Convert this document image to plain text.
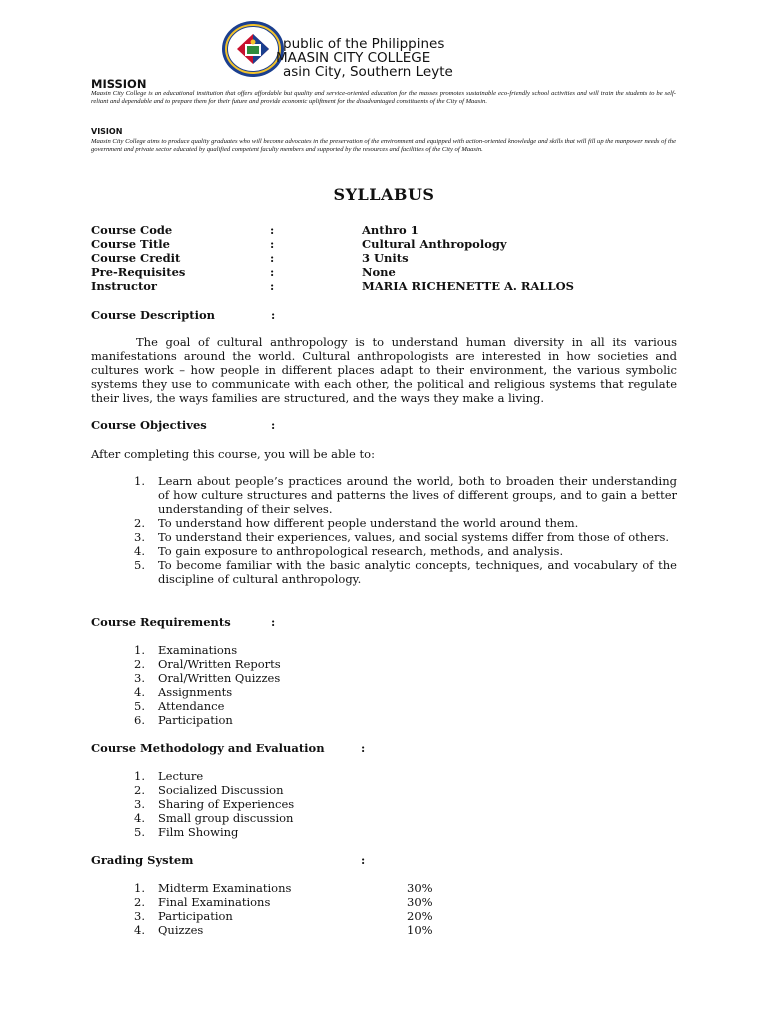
public of the Philippines
MAASIN CITY COLLEGE
asin City, Southern Leyte
MISSION
Maasin City College is an educational institution that offers affordable but quality and service-oriented education for the masses promotes sustainable eco-friendly school activities and will train the students to be self-reliant and dependable and to prepare them for their future and provide economic upliftment for the disadvantaged constituents of the City of Maasin.
VISION
Maasin City College aims to produce quality graduates who will become advocates in the preservation of the environment and equipped with action-oriented knowledge and skills that will fill up the manpower needs of the government and private sector educated by qualified competent faculty members and supported by the resources and facilities of the City of Maasin.
SYLLABUS
Course Code	:	Anthro 1
Course Title	:	Cultural Anthropology
Course Credit	:	3 Units
Pre-Requisites	:	None
Instructor	:	MARIA RICHENETTE A. RALLOS
Course Description	:
The goal of cultural anthropology is to understand human diversity in all its various manifestations around the world. Cultural anthropologists are interested in how societies and cultures work – how people in different places adapt to their environment, the various symbolic systems they use to communicate with each other, the political and religious systems that regulate their lives, the ways families are structured, and the ways they make a living.
Course Objectives	:
After completing this course, you will be able to:
1. Learn about people’s practices around the world, both to broaden their understanding of how culture structures and patterns the lives of different groups, and to gain a better understanding of their selves.
2. To understand how different people understand the world around them.
3. To understand their experiences, values, and social systems differ from those of others.
4. To gain exposure to anthropological research, methods, and analysis.
5. To become familiar with the basic analytic concepts, techniques, and vocabulary of the discipline of cultural anthropology.
Course Requirements	:
1. Examinations
2. Oral/Written Reports
3. Oral/Written Quizzes
4. Assignments
5. Attendance
6. Participation
Course Methodology and Evaluation	:
1. Lecture
2. Socialized Discussion
3. Sharing of Experiences
4. Small group discussion
5. Film Showing
Grading System	:
1. Midterm Examinations	30%
2. Final Examinations	30%
3. Participation	20%
4. Quizzes	10%
